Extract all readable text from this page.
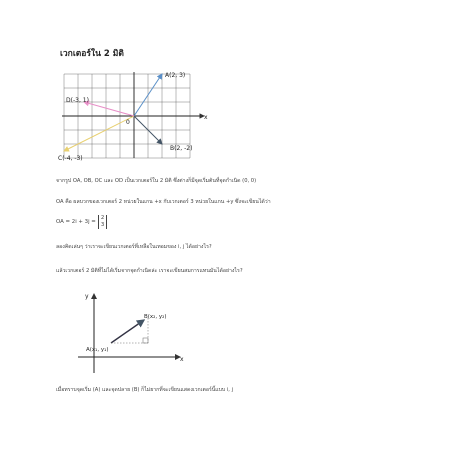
เวกเตอร์ใน 2 มิติ
A(2, 3)
B(2, -2)
C(-4, -3)
D(-3, 1)
0
x
y
x
A(x₁, y₁)
B(x₂, y₂)
จากรูป OA, OB, OC และ OD เป็นเวกเตอร์ใน 2 มิติ ซึ่งต่างก็มีจุดเริ่มต้นที่จุดกำเนิด (0, 0)
OA คือ ผลบวกของเวกเตอร์ 2 หน่วยในแกน +x กับเวกเตอร์ 3 หน่วยในแกน +y ซึ่งจะเขียนได้ว่า
OA = 2i + 3j =
2
3
ลองคิดเล่นๆ ว่าเราจะเขียนเวกเตอร์ที่เหลือในเทอมของ i, j ได้อย่างไร?
แล้วเวกเตอร์ 2 มิติที่ไม่ได้เริ่มจากจุดกำเนิดล่ะ เราจะเขียนสมการแทนมันได้อย่างไร?
เมื่อทราบจุดเริ่ม (A) และจุดปลาย (B) ก็ไม่ยากที่จะเขียนแสดงเวกเตอร์นี้แบบ i, j
